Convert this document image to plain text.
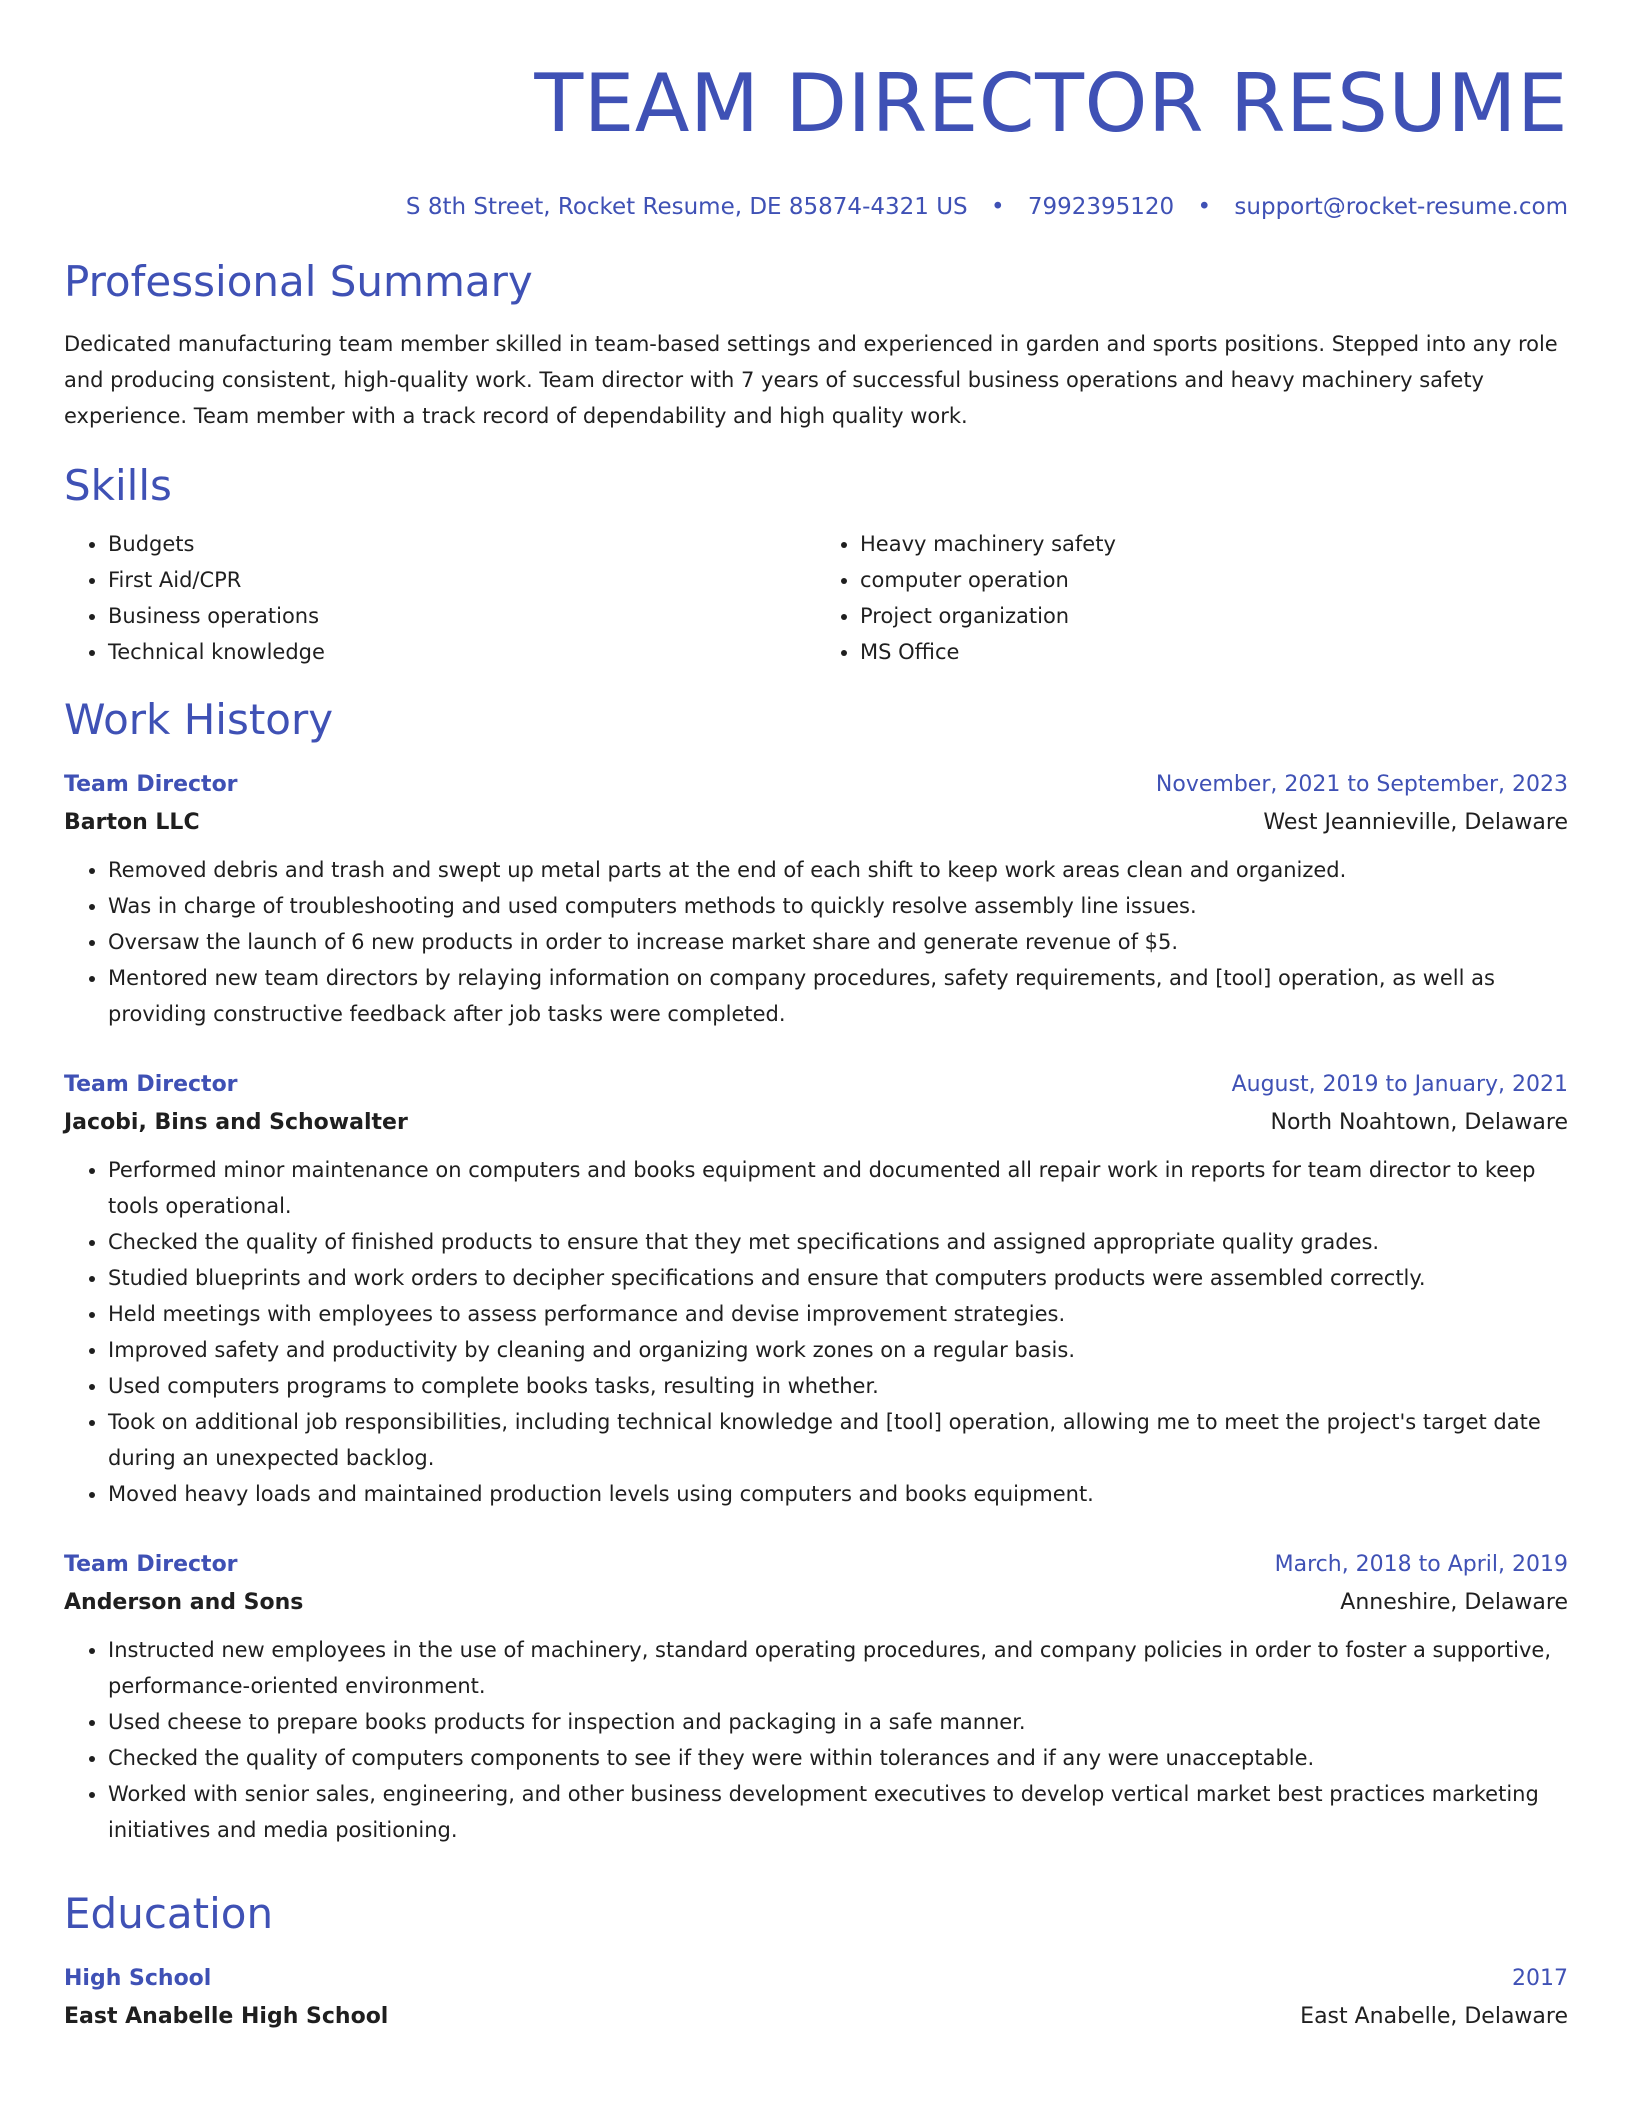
TEAM DIRECTOR RESUME
S 8th Street, Rocket Resume, DE 85874-4321 US • 7992395120 • support@rocket-resume.com
Professional Summary
Dedicated manufacturing team member skilled in team-based settings and experienced in garden and sports positions. Stepped into any role and producing consistent, high-quality work. Team director with 7 years of successful business operations and heavy machinery safety experience. Team member with a track record of dependability and high quality work.
Skills
• Budgets
• First Aid/CPR
• Business operations
• Technical knowledge
• Heavy machinery safety
• computer operation
• Project organization
• MS Office
Work History
Team Director	November, 2021 to September, 2023
Barton LLC	West Jeannieville, Delaware
• Removed debris and trash and swept up metal parts at the end of each shift to keep work areas clean and organized.
• Was in charge of troubleshooting and used computers methods to quickly resolve assembly line issues.
• Oversaw the launch of 6 new products in order to increase market share and generate revenue of $5.
• Mentored new team directors by relaying information on company procedures, safety requirements, and [tool] operation, as well as providing constructive feedback after job tasks were completed.
Team Director	August, 2019 to January, 2021
Jacobi, Bins and Schowalter	North Noahtown, Delaware
• Performed minor maintenance on computers and books equipment and documented all repair work in reports for team director to keep tools operational.
• Checked the quality of finished products to ensure that they met specifications and assigned appropriate quality grades.
• Studied blueprints and work orders to decipher specifications and ensure that computers products were assembled correctly.
• Held meetings with employees to assess performance and devise improvement strategies.
• Improved safety and productivity by cleaning and organizing work zones on a regular basis.
• Used computers programs to complete books tasks, resulting in whether.
• Took on additional job responsibilities, including technical knowledge and [tool] operation, allowing me to meet the project's target date during an unexpected backlog.
• Moved heavy loads and maintained production levels using computers and books equipment.
Team Director	March, 2018 to April, 2019
Anderson and Sons	Anneshire, Delaware
• Instructed new employees in the use of machinery, standard operating procedures, and company policies in order to foster a supportive, performance-oriented environment.
• Used cheese to prepare books products for inspection and packaging in a safe manner.
• Checked the quality of computers components to see if they were within tolerances and if any were unacceptable.
• Worked with senior sales, engineering, and other business development executives to develop vertical market best practices marketing initiatives and media positioning.
Education
High School	2017
East Anabelle High School	East Anabelle, Delaware
